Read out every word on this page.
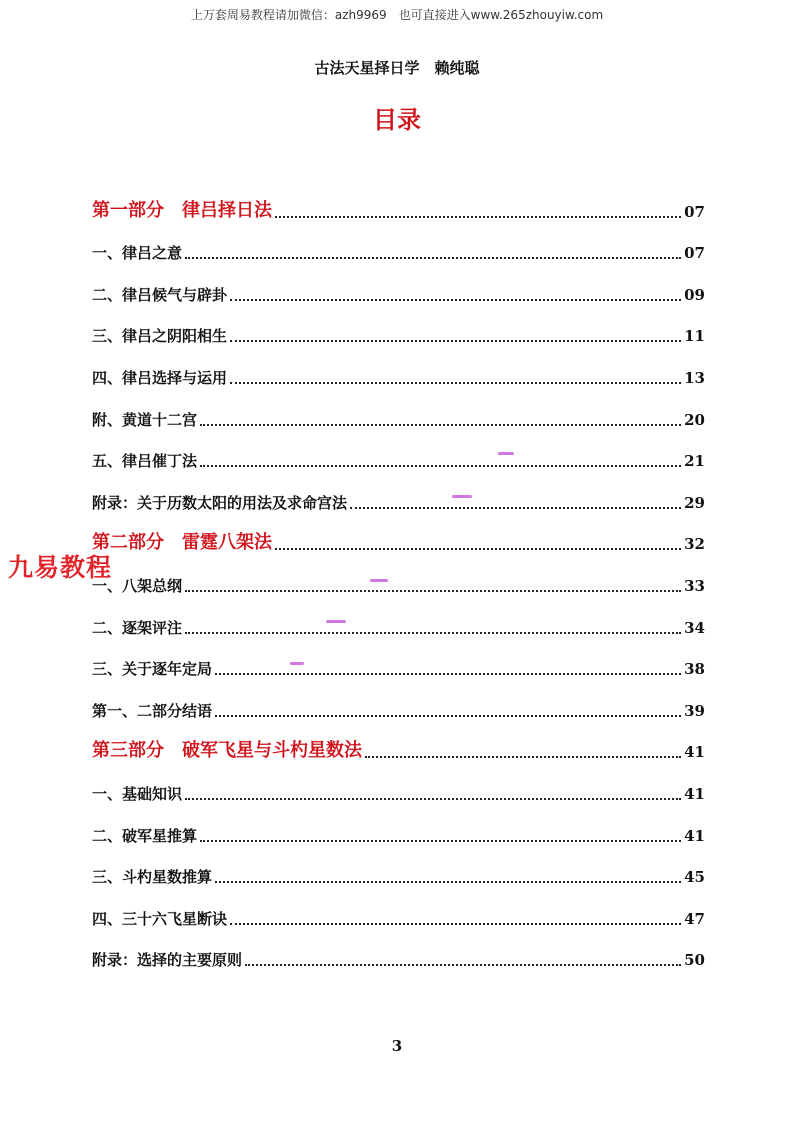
上万套周易教程请加微信：azh9969　也可直接进入www.265zhouyiw.com
古法天星择日学　赖纯聪
目录
第一部分　律吕择日法	07
一、律吕之意	07
二、律吕候气与辟卦	09
三、律吕之阴阳相生	11
四、律吕选择与运用	13
附、黄道十二宫	20
五、律吕催丁法	21
附录：关于历数太阳的用法及求命宫法	29
第二部分　雷霆八架法	32
一、八架总纲	33
二、逐架评注	34
三、关于逐年定局	38
第一、二部分结语	39
第三部分　破军飞星与斗杓星数法	41
一、基础知识	41
二、破军星推算	41
三、斗杓星数推算	45
四、三十六飞星断诀	47
附录：选择的主要原则	50
九易教程
3
